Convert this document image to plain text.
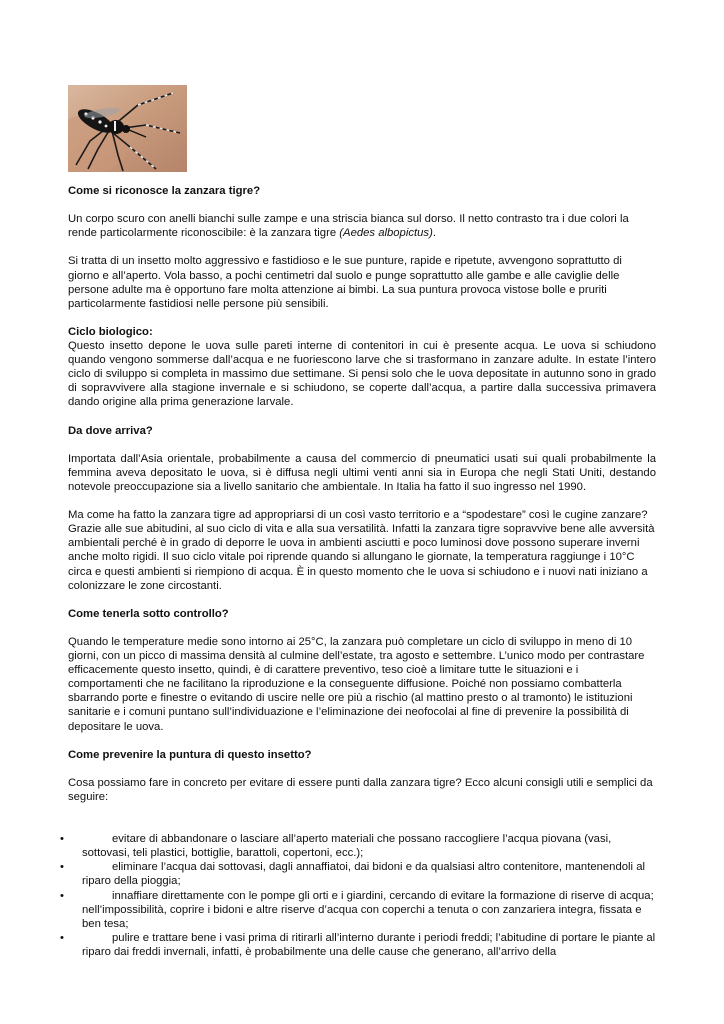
Come si riconosce la zanzara tigre?

Un corpo scuro con anelli bianchi sulle zampe e una striscia bianca sul dorso. Il netto contrasto tra i due colori la rende particolarmente riconoscibile: è la zanzara tigre (Aedes albopictus).

Si tratta di un insetto molto aggressivo e fastidioso e le sue punture, rapide e ripetute, avvengono soprattutto di giorno e all’aperto. Vola basso, a pochi centimetri dal suolo e punge soprattutto alle gambe e alle caviglie delle persone adulte ma è opportuno fare molta attenzione ai bimbi. La sua puntura provoca vistose bolle e pruriti particolarmente fastidiosi nelle persone più sensibili.

Ciclo biologico:

Questo insetto depone le uova sulle pareti interne di contenitori in cui è presente acqua. Le uova si schiudono quando vengono sommerse dall’acqua e ne fuoriescono larve che si trasformano in zanzare adulte. In estate l’intero ciclo di sviluppo si completa in massimo due settimane. Si pensi solo che le uova depositate in autunno sono in grado di sopravvivere alla stagione invernale e si schiudono, se coperte dall’acqua, a partire dalla successiva primavera dando origine alla prima generazione larvale.

Da dove arriva?

Importata dall’Asia orientale, probabilmente a causa del commercio di pneumatici usati sui quali probabilmente la femmina aveva depositato le uova, si è diffusa negli ultimi venti anni sia in Europa che negli Stati Uniti, destando notevole preoccupazione sia a livello sanitario che ambientale. In Italia ha fatto il suo ingresso nel 1990.

Ma come ha fatto la zanzara tigre ad appropriarsi di un così vasto territorio e a “spodestare” così le cugine zanzare? Grazie alle sue abitudini, al suo ciclo di vita e alla sua versatilità. Infatti la zanzara tigre sopravvive bene alle avversità ambientali perché è in grado di deporre le uova in ambienti asciutti e poco luminosi dove possono superare inverni anche molto rigidi. Il suo ciclo vitale poi riprende quando si allungano le giornate, la temperatura raggiunge i 10°C circa e questi ambienti si riempiono di acqua. È in questo momento che le uova si schiudono e i nuovi nati iniziano a colonizzare le zone circostanti.

Come tenerla sotto controllo?

Quando le temperature medie sono intorno ai 25°C, la zanzara può completare un ciclo di sviluppo in meno di 10 giorni, con un picco di massima densità al culmine dell’estate, tra agosto e settembre. L’unico modo per contrastare efficacemente questo insetto, quindi, è di carattere preventivo, teso cioè a limitare tutte le situazioni e i comportamenti che ne facilitano la riproduzione e la conseguente diffusione. Poiché non possiamo combatterla sbarrando porte e finestre o evitando di uscire nelle ore più a rischio (al mattino presto o al tramonto) le istituzioni sanitarie e i comuni puntano sull’individuazione e l’eliminazione dei neofocolai al fine di prevenire la possibilità di depositare le uova.

Come prevenire la puntura di questo insetto?

Cosa possiamo fare in concreto per evitare di essere punti dalla zanzara tigre? Ecco alcuni consigli utili e semplici da seguire:

•	evitare di abbandonare o lasciare all’aperto materiali che possano raccogliere l’acqua piovana (vasi, sottovasi, teli plastici, bottiglie, barattoli, copertoni, ecc.);
•	eliminare l’acqua dai sottovasi, dagli annaffiatoi, dai bidoni e da qualsiasi altro contenitore, mantenendoli al riparo della pioggia;
•	innaffiare direttamente con le pompe gli orti e i giardini, cercando di evitare la formazione di riserve di acqua; nell’impossibilità, coprire i bidoni e altre riserve d’acqua con coperchi a tenuta o con zanzariera integra, fissata e ben tesa;
•	pulire e trattare bene i vasi prima di ritirarli all’interno durante i periodi freddi; l’abitudine di portare le piante al riparo dai freddi invernali, infatti, è probabilmente una delle cause che generano, all’arrivo della
